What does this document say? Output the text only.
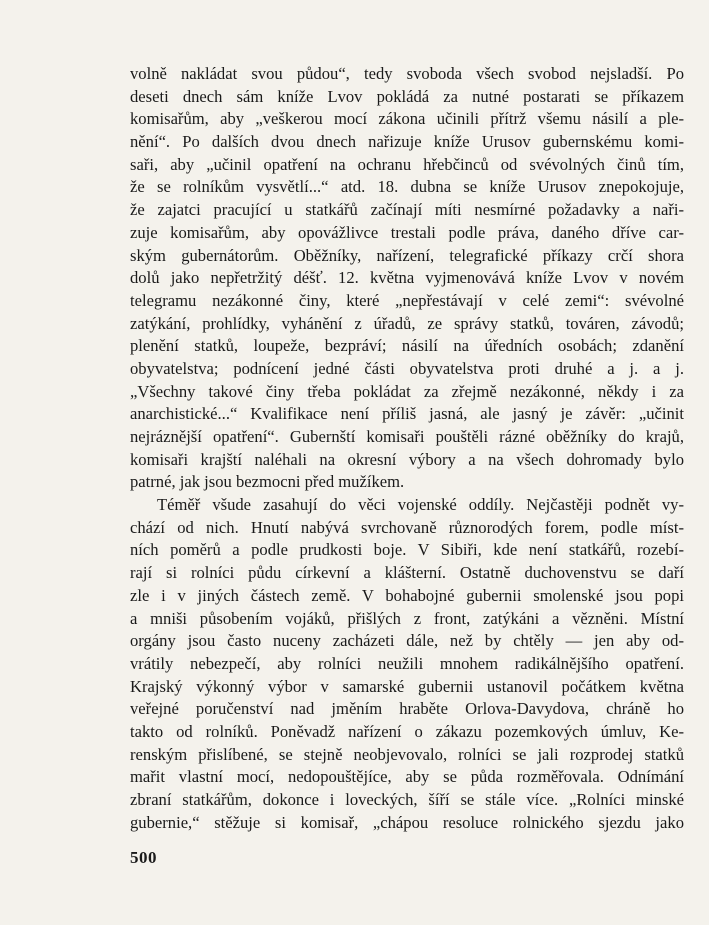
volně nakládat svou půdou“, tedy svoboda všech svobod nejsladší. Po
deseti dnech sám kníže Lvov pokládá za nutné postarati se příkazem
komisařům, aby „veškerou mocí zákona učinili přítrž všemu násilí a ple-
nění“. Po dalších dvou dnech nařizuje kníže Urusov gubernskému komi-
saři, aby „učinil opatření na ochranu hřebčinců od svévolných činů tím,
že se rolníkům vysvětlí...“ atd. 18. dubna se kníže Urusov znepokojuje,
že zajatci pracující u statkářů začínají míti nesmírné požadavky a naři-
zuje komisařům, aby opovážlivce trestali podle práva, daného dříve car-
ským gubernátorům. Oběžníky, nařízení, telegrafické příkazy crčí shora
dolů jako nepřetržitý déšť. 12. května vyjmenovává kníže Lvov v novém
telegramu nezákonné činy, které „nepřestávají v celé zemi“: svévolné
zatýkání, prohlídky, vyhánění z úřadů, ze správy statků, továren, závodů;
plenění statků, loupeže, bezpráví; násilí na úředních osobách; zdanění
obyvatelstva; podnícení jedné části obyvatelstva proti druhé a j. a j.
„Všechny takové činy třeba pokládat za zřejmě nezákonné, někdy i za
anarchistické...“ Kvalifikace není příliš jasná, ale jasný je závěr: „učinit
nejráznější opatření“. Gubernští komisaři pouštěli rázné oběžníky do krajů,
komisaři krajští naléhali na okresní výbory a na všech dohromady bylo
patrné, jak jsou bezmocni před mužíkem.
Téměř všude zasahují do věci vojenské oddíly. Nejčastěji podnět vy-
chází od nich. Hnutí nabývá svrchovaně různorodých forem, podle míst-
ních poměrů a podle prudkosti boje. V Sibiři, kde není statkářů, rozebí-
rají si rolníci půdu církevní a klášterní. Ostatně duchovenstvu se daří
zle i v jiných částech země. V bohabojné gubernii smolenské jsou popi
a mniši působením vojáků, přišlých z front, zatýkáni a vězněni. Místní
orgány jsou často nuceny zacházeti dále, než by chtěly — jen aby od-
vrátily nebezpečí, aby rolníci neužili mnohem radikálnějšího opatření.
Krajský výkonný výbor v samarské gubernii ustanovil počátkem května
veřejné poručenství nad jměním hraběte Orlova-Davydova, chráně ho
takto od rolníků. Poněvadž nařízení o zákazu pozemkových úmluv, Ke-
renským přislíbené, se stejně neobjevovalo, rolníci se jali rozprodej statků
mařit vlastní mocí, nedopouštějíce, aby se půda rozměřovala. Odnímání
zbraní statkářům, dokonce i loveckých, šíří se stále více. „Rolníci minské
gubernie,“ stěžuje si komisař, „chápou resoluce rolnického sjezdu jako
500
